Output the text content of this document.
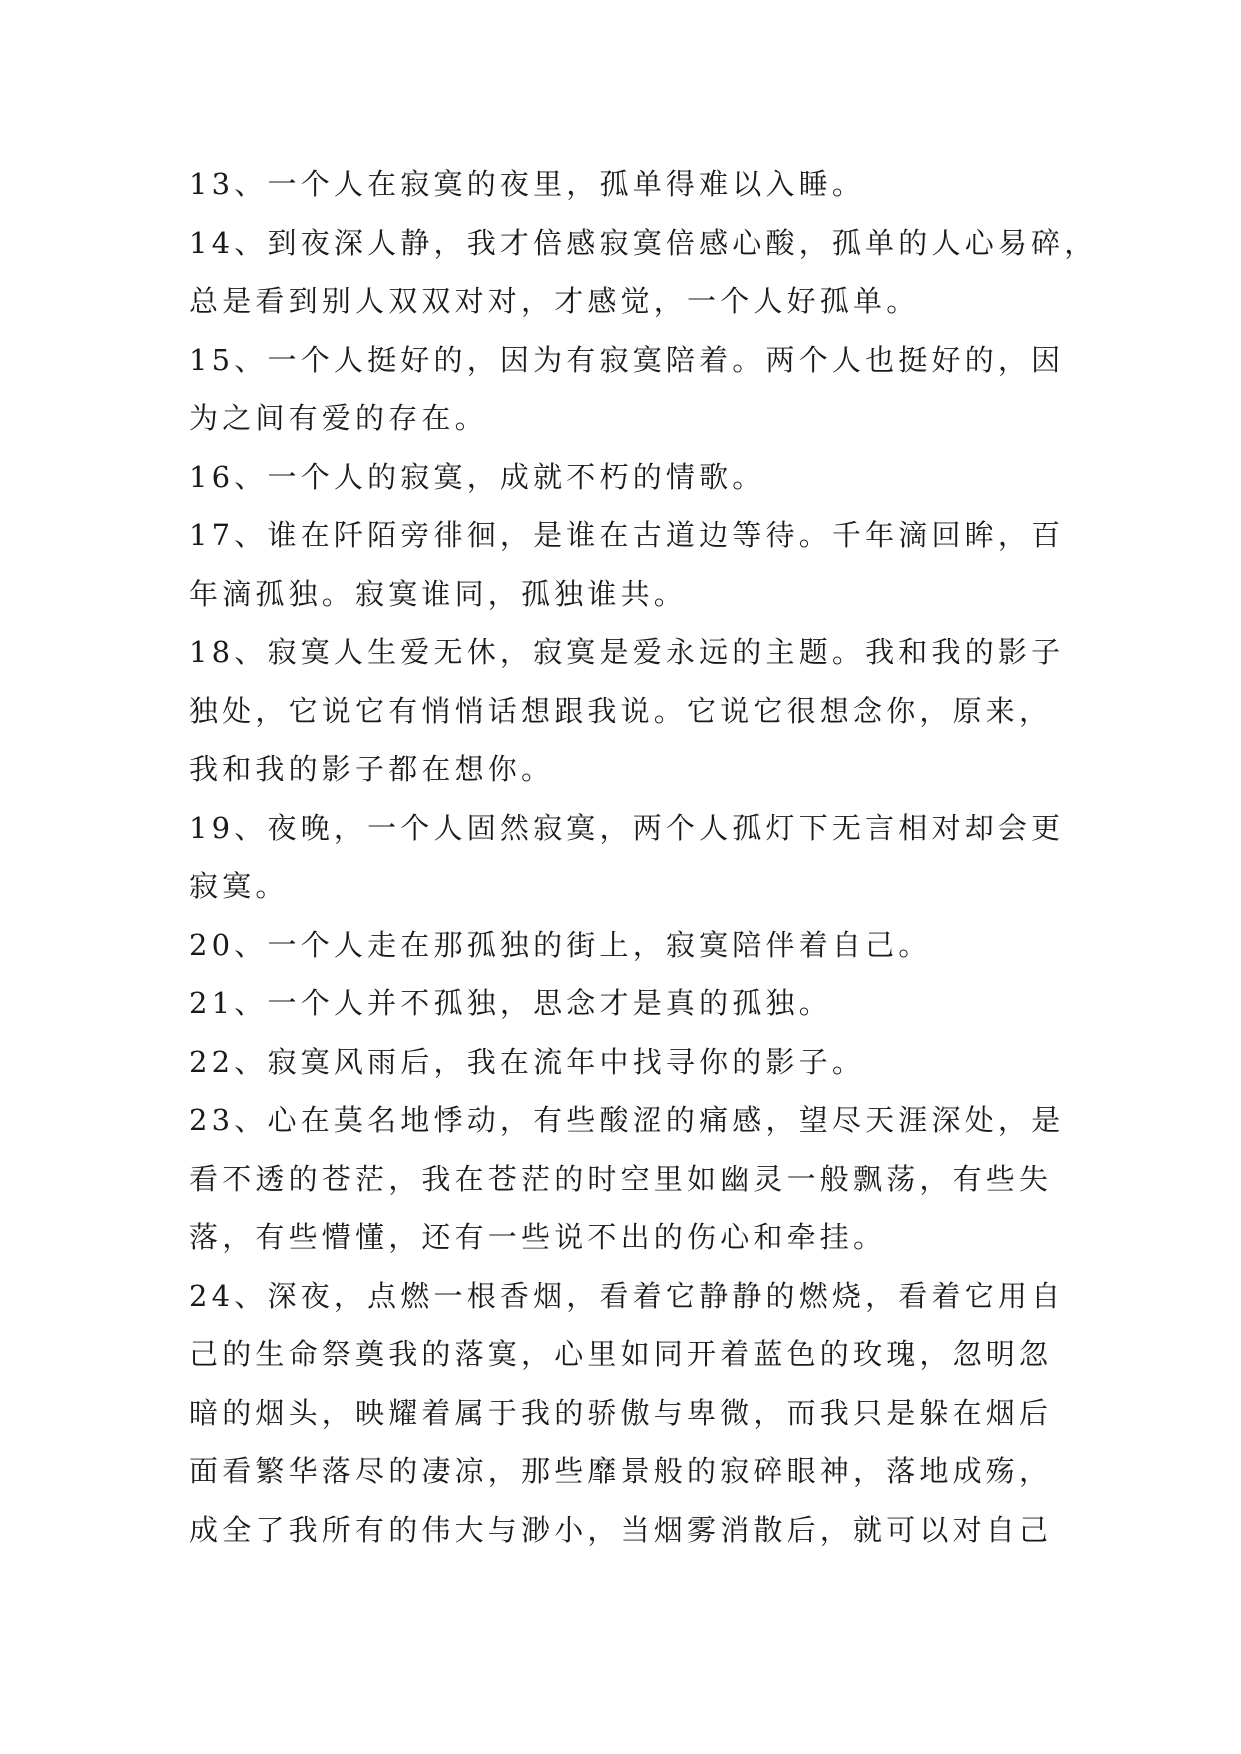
13、一个人在寂寞的夜里，孤单得难以入睡。
14、到夜深人静，我才倍感寂寞倍感心酸，孤单的人心易碎，
总是看到别人双双对对，才感觉，一个人好孤单。
15、一个人挺好的，因为有寂寞陪着。两个人也挺好的，因
为之间有爱的存在。
16、一个人的寂寞，成就不朽的情歌。
17、谁在阡陌旁徘徊，是谁在古道边等待。千年滴回眸，百
年滴孤独。寂寞谁同，孤独谁共。
18、寂寞人生爱无休，寂寞是爱永远的主题。我和我的影子
独处，它说它有悄悄话想跟我说。它说它很想念你，原来，
我和我的影子都在想你。
19、夜晚，一个人固然寂寞，两个人孤灯下无言相对却会更
寂寞。
20、一个人走在那孤独的街上，寂寞陪伴着自己。
21、一个人并不孤独，思念才是真的孤独。
22、寂寞风雨后，我在流年中找寻你的影子。
23、心在莫名地悸动，有些酸涩的痛感，望尽天涯深处，是
看不透的苍茫，我在苍茫的时空里如幽灵一般飘荡，有些失
落，有些懵懂，还有一些说不出的伤心和牵挂。
24、深夜，点燃一根香烟，看着它静静的燃烧，看着它用自
己的生命祭奠我的落寞，心里如同开着蓝色的玫瑰，忽明忽
暗的烟头，映耀着属于我的骄傲与卑微，而我只是躲在烟后
面看繁华落尽的凄凉，那些靡景般的寂碎眼神，落地成殇，
成全了我所有的伟大与渺小，当烟雾消散后，就可以对自己
